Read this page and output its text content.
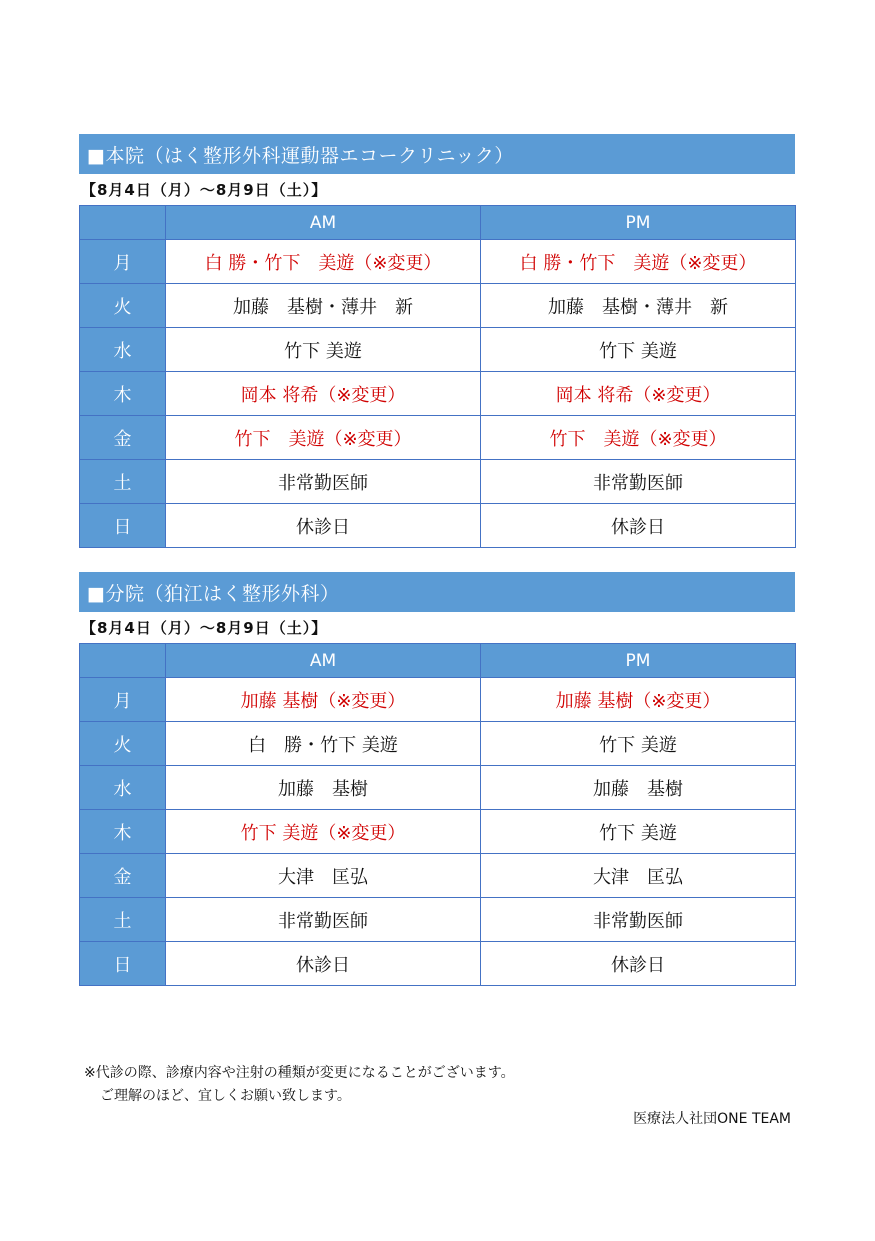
■本院（はく整形外科運動器エコークリニック）
【8月4日（月）～8月9日（土）】
	AM	PM
月	白 勝・竹下　美遊（※変更）	白 勝・竹下　美遊（※変更）
火	加藤　基樹・薄井　新	加藤　基樹・薄井　新
水	竹下 美遊	竹下 美遊
木	岡本 将希（※変更）	岡本 将希（※変更）
金	竹下　美遊（※変更）	竹下　美遊（※変更）
土	非常勤医師	非常勤医師
日	休診日	休診日
■分院（狛江はく整形外科）
【8月4日（月）～8月9日（土）】
	AM	PM
月	加藤 基樹（※変更）	加藤 基樹（※変更）
火	白　勝・竹下 美遊	竹下 美遊
水	加藤　基樹	加藤　基樹
木	竹下 美遊（※変更）	竹下 美遊
金	大津　匡弘	大津　匡弘
土	非常勤医師	非常勤医師
日	休診日	休診日
※代診の際、診療内容や注射の種類が変更になることがございます。
ご理解のほど、宜しくお願い致します。
医療法人社団ONE TEAM
